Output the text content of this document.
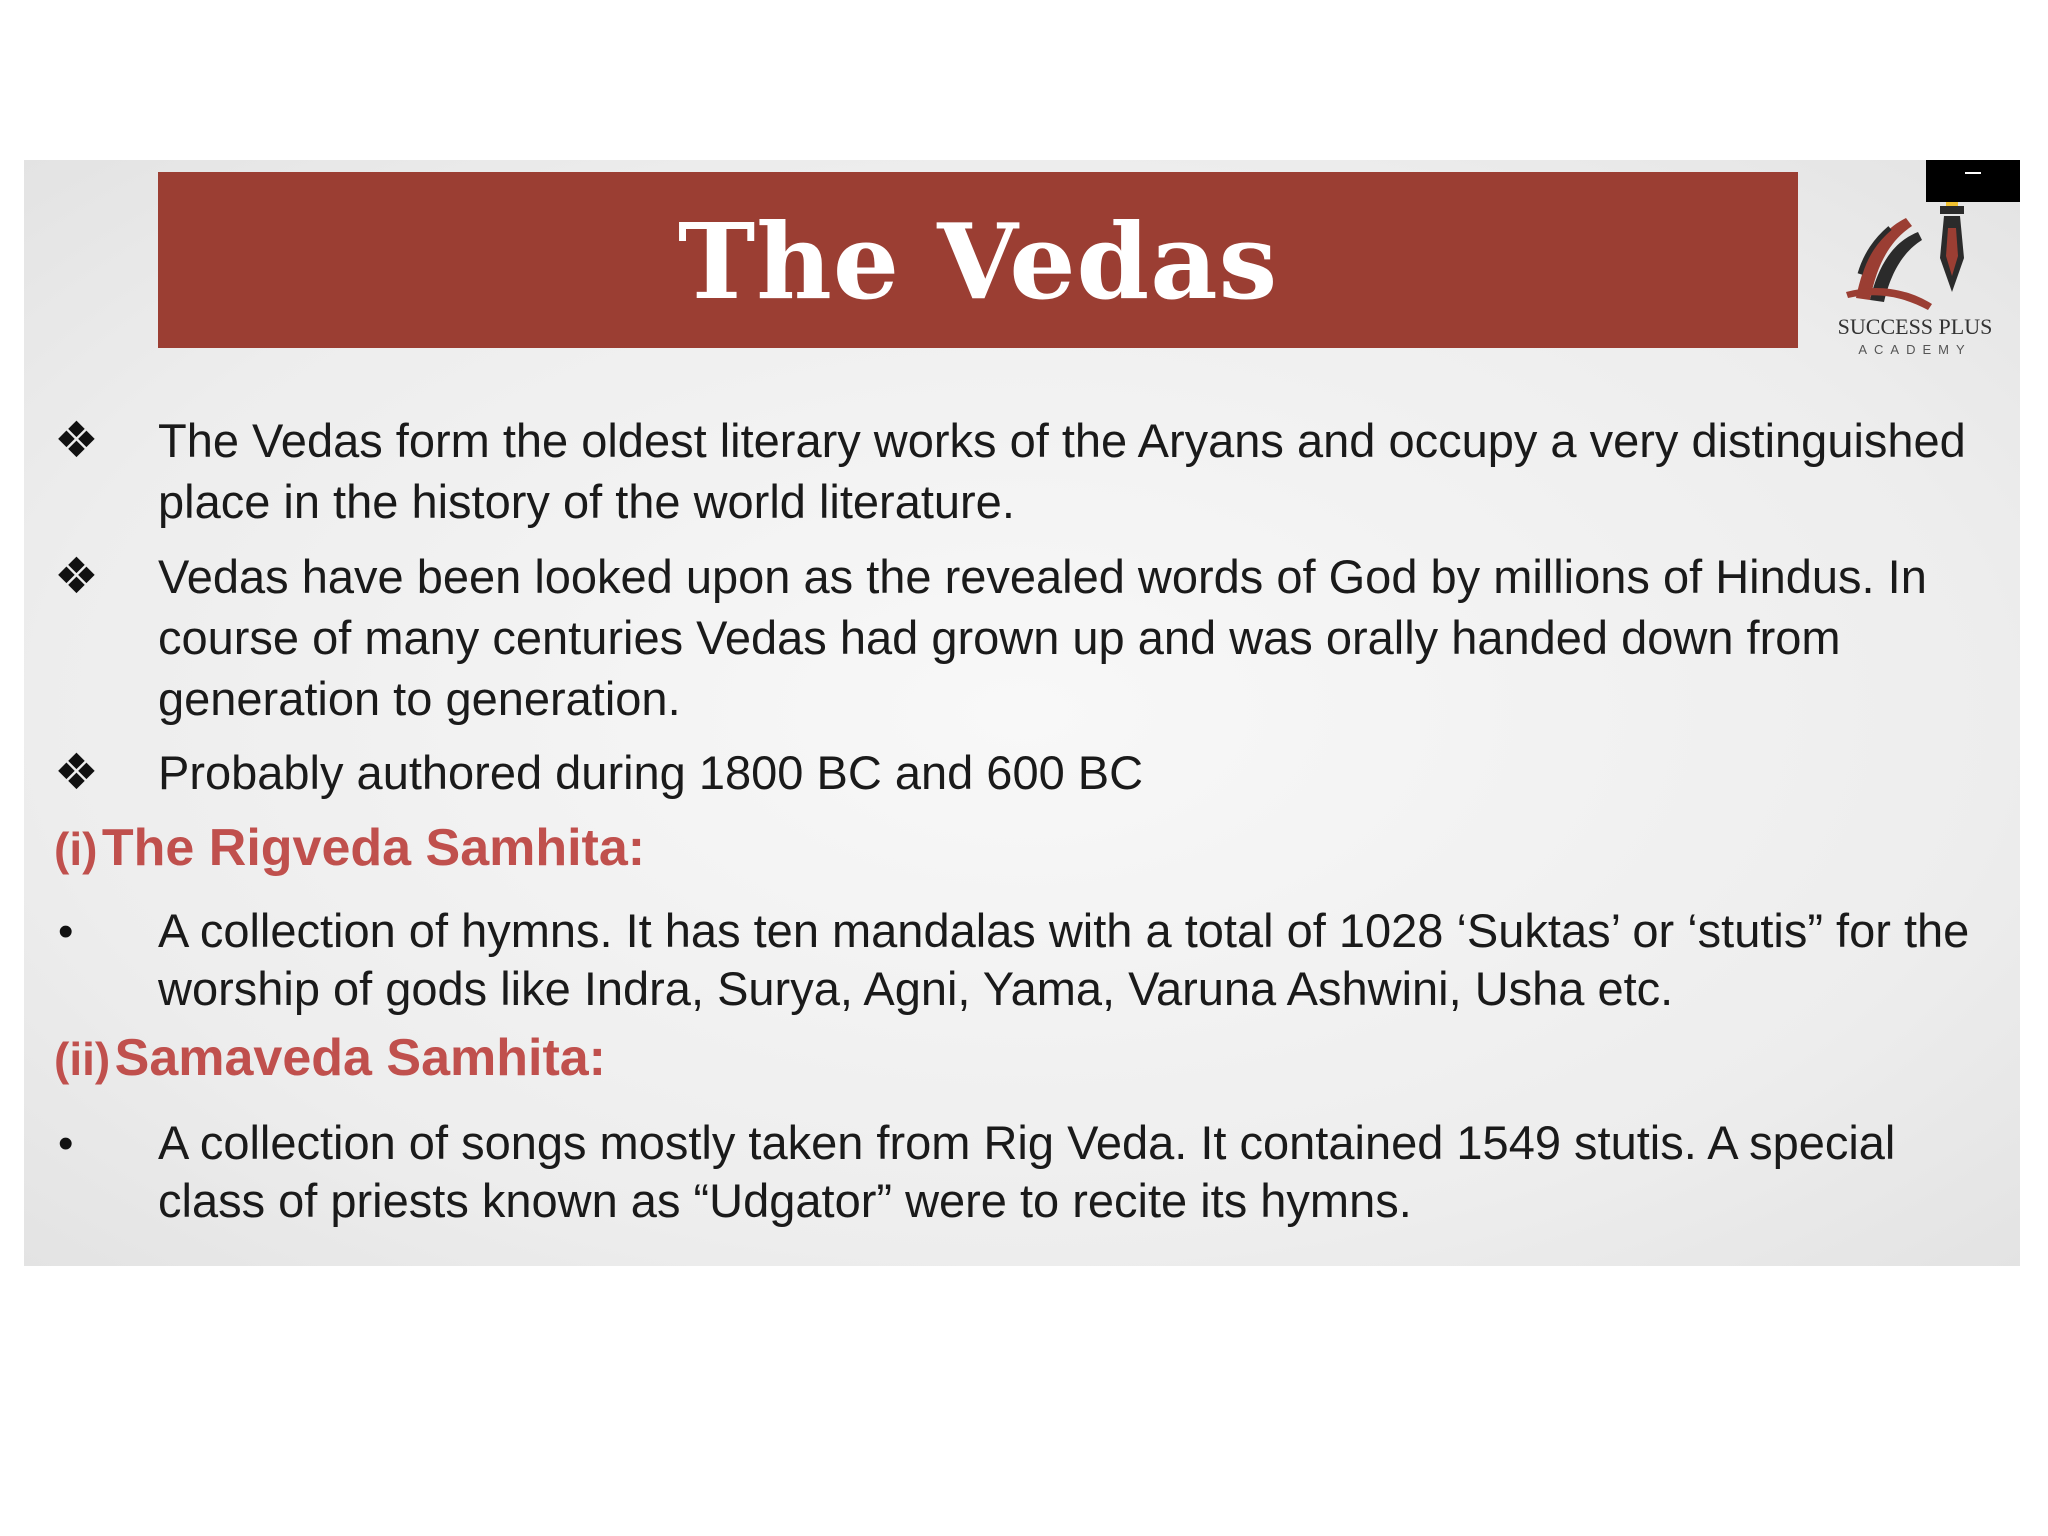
The Vedas
SUCCESS PLUS
ACADEMY
❖	The Vedas form the oldest literary works of the Aryans and occupy a very distinguished place in the history of the world literature.
❖	Vedas have been looked upon as the revealed words of God by millions of Hindus. In course of many centuries Vedas had grown up and was orally handed down from generation to generation.
❖	Probably authored during 1800 BC and 600 BC
(i) The Rigveda Samhita:
•	A collection of hymns. It has ten mandalas with a total of 1028 ‘Suktas’ or ‘stutis” for the worship of gods like Indra, Surya, Agni, Yama, Varuna Ashwini, Usha etc.
(ii) Samaveda Samhita:
•	A collection of songs mostly taken from Rig Veda. It contained 1549 stutis. A special class of priests known as “Udgator” were to recite its hymns.
